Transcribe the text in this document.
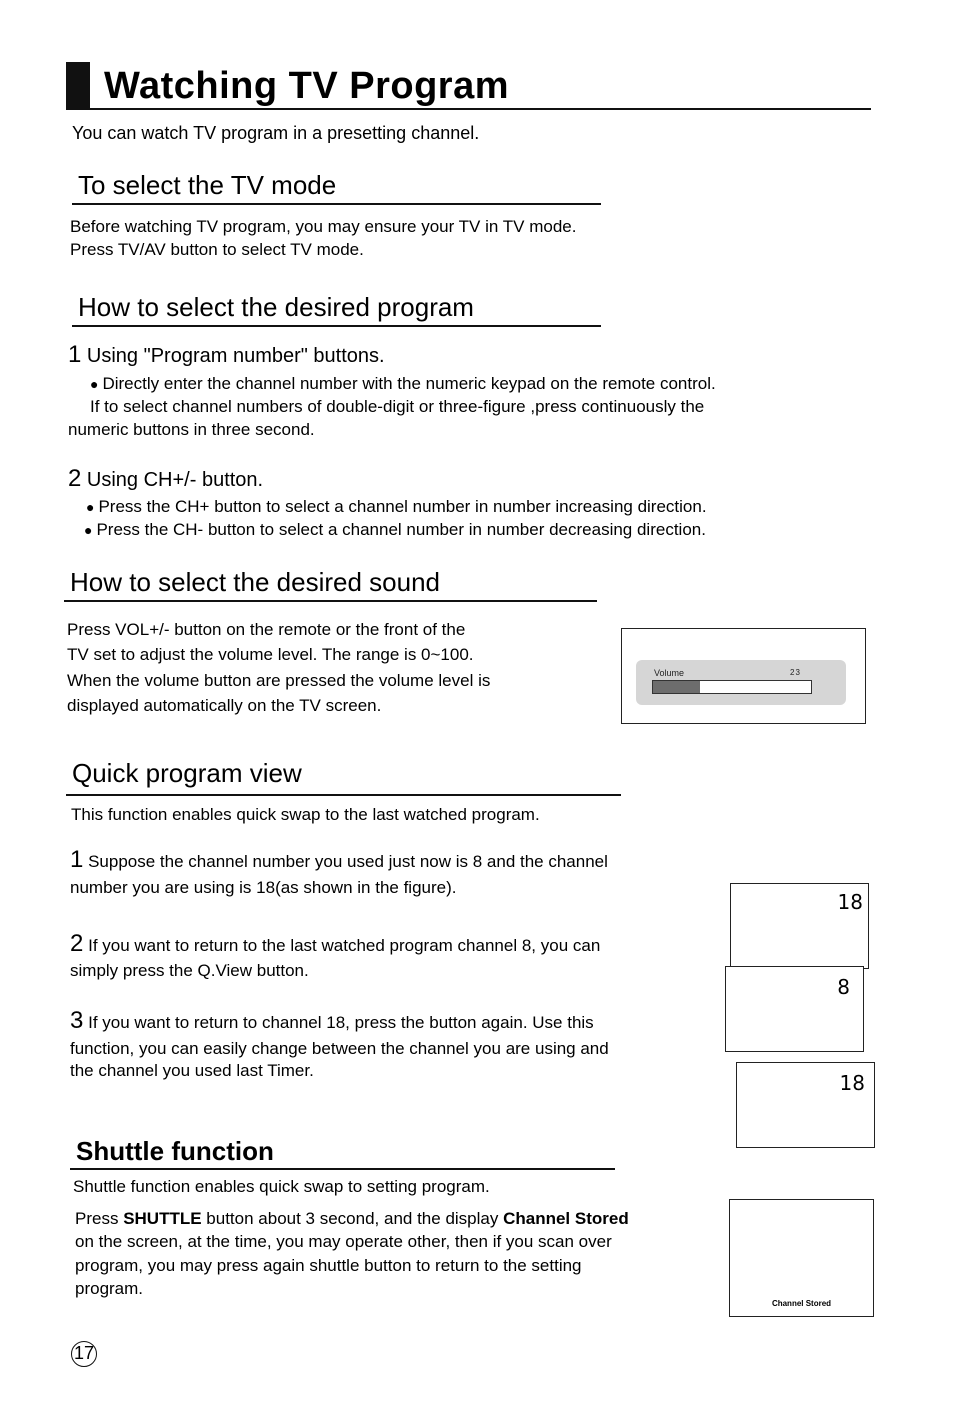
Watching TV Program

You can watch TV program in a presetting channel.

To select the TV mode

Before watching TV program, you may ensure your TV in TV mode.

Press TV/AV button to select TV mode.

How to select the desired program

1 Using "Program number" buttons.

● Directly enter the channel number with the numeric keypad on the remote control.

If to select channel numbers of double-digit or three-figure ,press continuously the

numeric buttons in three second.

2 Using CH+/- button.

● Press the CH+ button to select a channel number in number increasing direction.

● Press the CH- button to select a channel number in number decreasing direction.

How to select the desired sound

Press VOL+/- button on the remote or the front of the

TV set to adjust the volume level. The range is 0~100.

When the volume button are pressed the volume level is

displayed automatically on the TV screen.

Volume	23
Quick program view

This function enables quick swap to the last watched program.

1 Suppose the channel number you used just now is 8 and the channel

number you are using is 18(as shown in the figure).

2 If you want to return to the last watched program channel 8, you can

simply press the Q.View button.

3 If you want to return to channel 18, press the button again. Use this

function, you can easily change between the channel you are using and

the channel you used last Timer.

18
8
18
Shuttle function

Shuttle function enables quick swap to setting program.

Press SHUTTLE button about 3 second, and the display Channel Stored

on the screen, at the time, you may operate other, then if you scan over

program, you may press again shuttle button to return to the setting

program.

Channel Stored
17
